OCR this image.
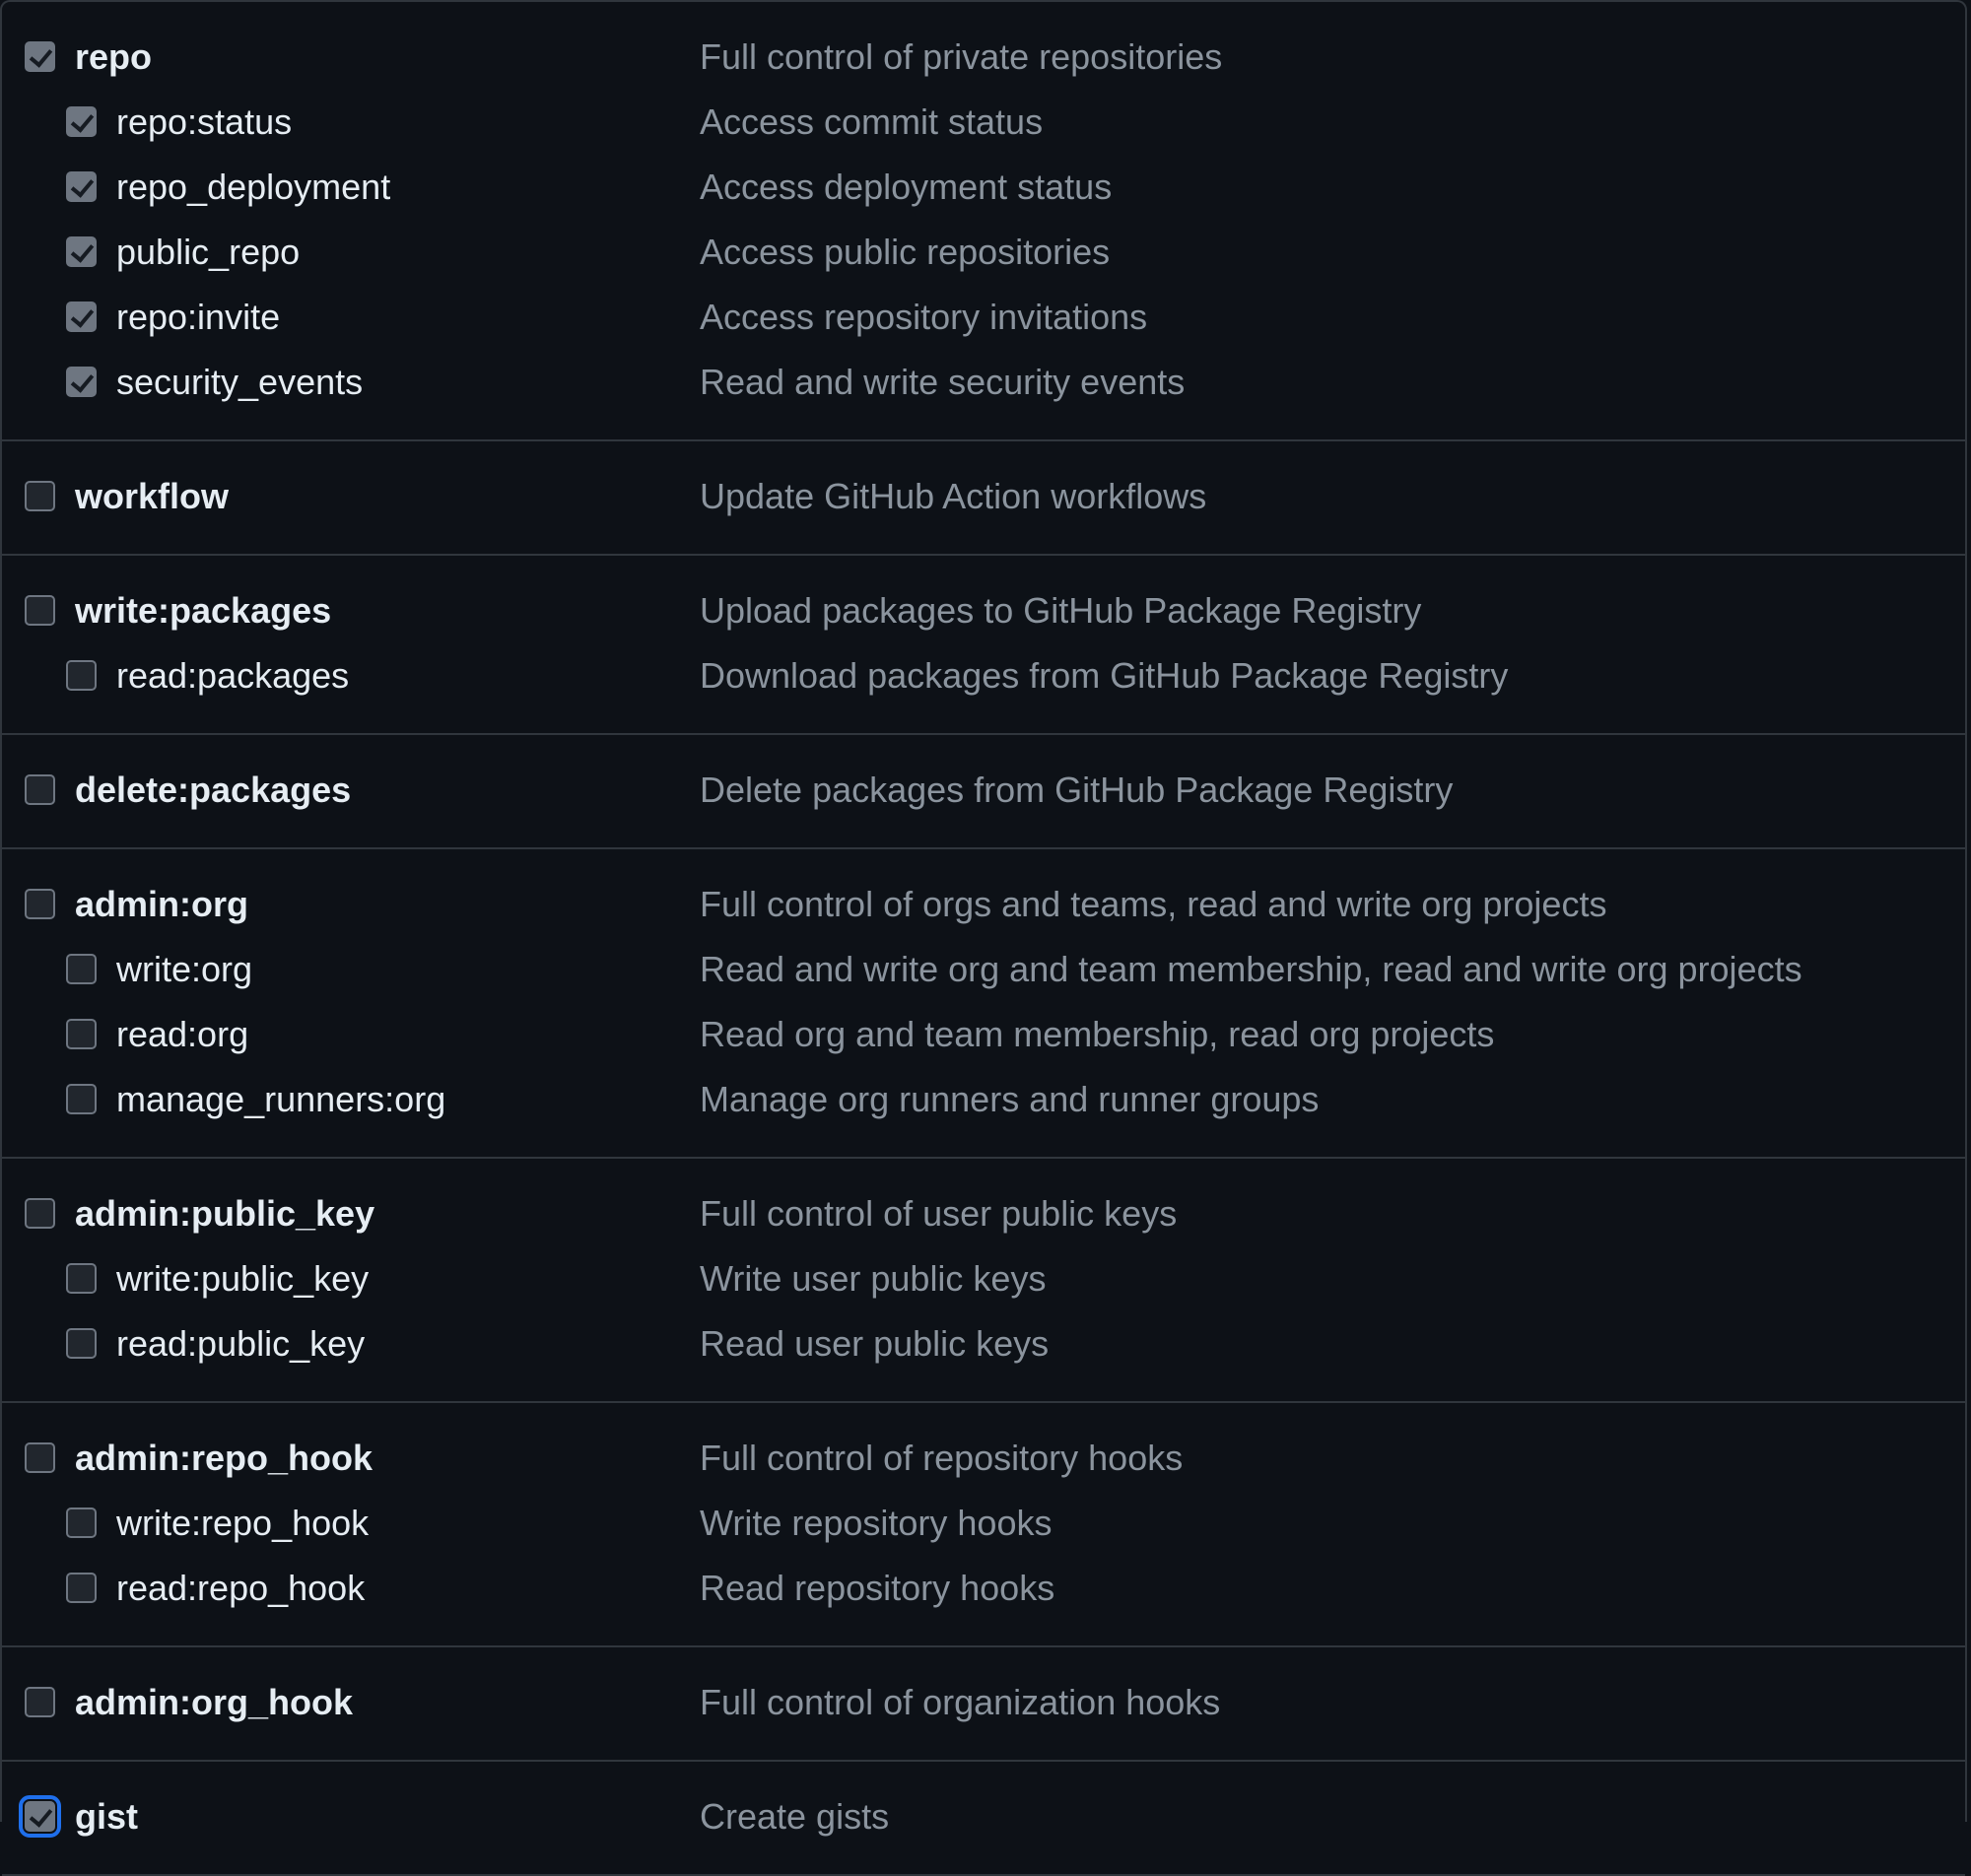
repo	Full control of private repositories
repo:status	Access commit status
repo_deployment	Access deployment status
public_repo	Access public repositories
repo:invite	Access repository invitations
security_events	Read and write security events
workflow	Update GitHub Action workflows
write:packages	Upload packages to GitHub Package Registry
read:packages	Download packages from GitHub Package Registry
delete:packages	Delete packages from GitHub Package Registry
admin:org	Full control of orgs and teams, read and write org projects
write:org	Read and write org and team membership, read and write org projects
read:org	Read org and team membership, read org projects
manage_runners:org	Manage org runners and runner groups
admin:public_key	Full control of user public keys
write:public_key	Write user public keys
read:public_key	Read user public keys
admin:repo_hook	Full control of repository hooks
write:repo_hook	Write repository hooks
read:repo_hook	Read repository hooks
admin:org_hook	Full control of organization hooks
gist	Create gists
